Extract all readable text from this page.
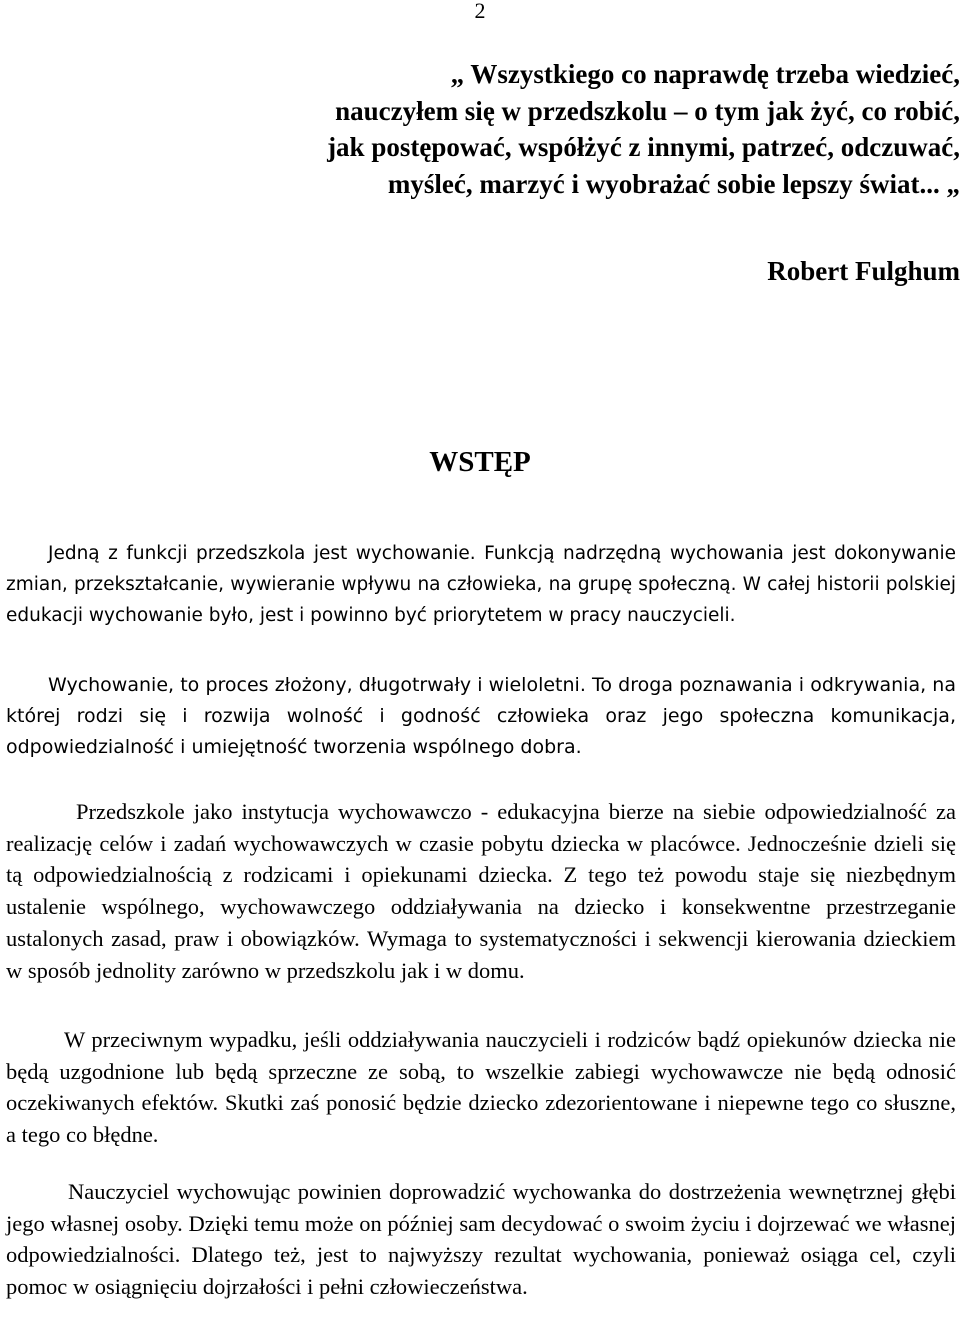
2
„ Wszystkiego co naprawdę trzeba wiedzieć,
nauczyłem się w przedszkolu – o tym jak żyć, co robić,
jak postępować, współżyć z innymi, patrzeć, odczuwać,
myśleć, marzyć i wyobrażać sobie lepszy świat... „
Robert Fulghum
WSTĘP

Jedną z funkcji przedszkola jest wychowanie. Funkcją nadrzędną wychowania jest dokonywanie zmian, przekształcanie, wywieranie wpływu na człowieka, na grupę społeczną. W całej historii polskiej edukacji wychowanie było, jest i powinno być priorytetem w pracy nauczycieli.

Wychowanie, to proces złożony, długotrwały i wieloletni. To droga poznawania i odkrywania, na której rodzi się i rozwija wolność i godność człowieka oraz jego społeczna komunikacja, odpowiedzialność i umiejętność tworzenia wspólnego dobra.

Przedszkole jako instytucja wychowawczo - edukacyjna bierze na siebie odpowiedzialność za realizację celów i zadań wychowawczych w czasie pobytu dziecka w placówce. Jednocześnie dzieli się tą odpowiedzialnością z rodzicami i opiekunami dziecka. Z tego też powodu staje się niezbędnym ustalenie wspólnego, wychowawczego oddziaływania na dziecko i konsekwentne przestrzeganie ustalonych zasad, praw i obowiązków. Wymaga to systematyczności i sekwencji kierowania dzieckiem w sposób jednolity zarówno w przedszkolu jak i w domu.

W przeciwnym wypadku, jeśli oddziaływania nauczycieli i rodziców bądź opiekunów dziecka nie będą uzgodnione lub będą sprzeczne ze sobą, to wszelkie zabiegi wychowawcze nie będą odnosić oczekiwanych efektów. Skutki zaś ponosić będzie dziecko zdezorientowane i niepewne tego co słuszne, a tego co błędne.

Nauczyciel wychowując powinien doprowadzić wychowanka do dostrzeżenia wewnętrznej głębi jego własnej osoby. Dzięki temu może on później sam decydować o swoim życiu i dojrzewać we własnej odpowiedzialności. Dlatego też, jest to najwyższy rezultat wychowania, ponieważ osiąga cel, czyli pomoc w osiągnięciu dojrzałości i pełni człowieczeństwa.
